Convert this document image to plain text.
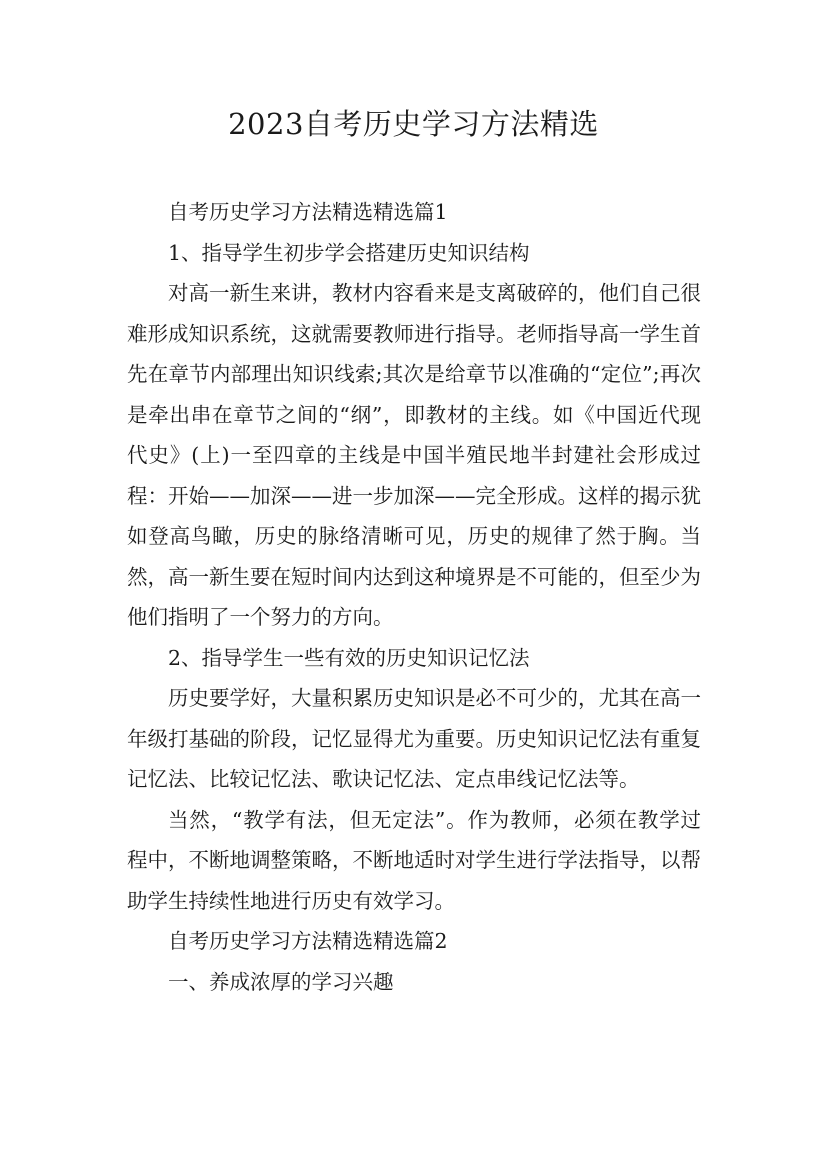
2023自考历史学习方法精选

自考历史学习方法精选精选篇1

1、指导学生初步学会搭建历史知识结构

对高一新生来讲，教材内容看来是支离破碎的，他们自己很难形成知识系统，这就需要教师进行指导。老师指导高一学生首先在章节内部理出知识线索;其次是给章节以准确的“定位”;再次是牵出串在章节之间的“纲”，即教材的主线。如《中国近代现代史》(上)一至四章的主线是中国半殖民地半封建社会形成过程：开始——加深——进一步加深——完全形成。这样的揭示犹如登高鸟瞰，历史的脉络清晰可见，历史的规律了然于胸。当然，高一新生要在短时间内达到这种境界是不可能的，但至少为他们指明了一个努力的方向。

2、指导学生一些有效的历史知识记忆法

历史要学好，大量积累历史知识是必不可少的，尤其在高一年级打基础的阶段，记忆显得尤为重要。历史知识记忆法有重复记忆法、比较记忆法、歌诀记忆法、定点串线记忆法等。

当然，“教学有法，但无定法”。作为教师，必须在教学过程中，不断地调整策略，不断地适时对学生进行学法指导，以帮助学生持续性地进行历史有效学习。

自考历史学习方法精选精选篇2

一、养成浓厚的学习兴趣
